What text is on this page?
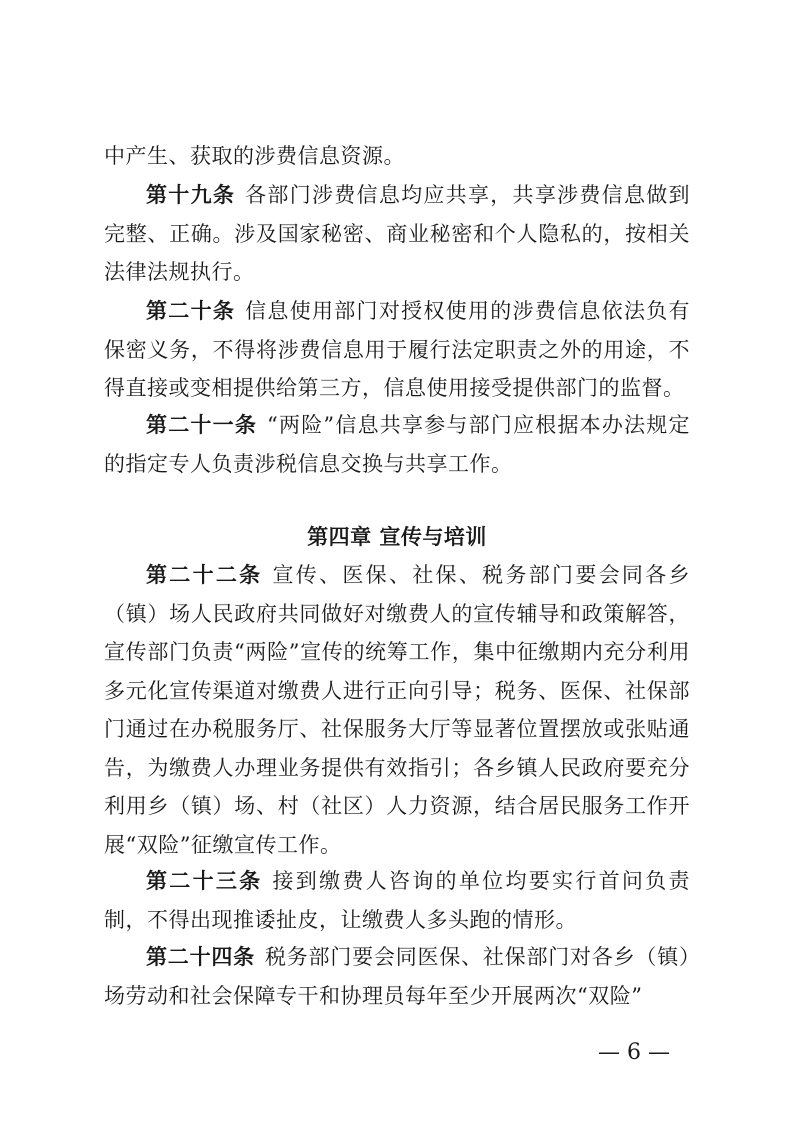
中产生、获取的涉费信息资源。

第十九条 各部门涉费信息均应共享，共享涉费信息做到完整、正确。涉及国家秘密、商业秘密和个人隐私的，按相关法律法规执行。

第二十条 信息使用部门对授权使用的涉费信息依法负有保密义务，不得将涉费信息用于履行法定职责之外的用途，不得直接或变相提供给第三方，信息使用接受提供部门的监督。

第二十一条 “两险”信息共享参与部门应根据本办法规定的指定专人负责涉税信息交换与共享工作。

第四章 宣传与培训

第二十二条 宣传、医保、社保、税务部门要会同各乡（镇）场人民政府共同做好对缴费人的宣传辅导和政策解答，宣传部门负责“两险”宣传的统筹工作，集中征缴期内充分利用多元化宣传渠道对缴费人进行正向引导；税务、医保、社保部门通过在办税服务厅、社保服务大厅等显著位置摆放或张贴通告，为缴费人办理业务提供有效指引；各乡镇人民政府要充分利用乡（镇）场、村（社区）人力资源，结合居民服务工作开展“双险”征缴宣传工作。

第二十三条 接到缴费人咨询的单位均要实行首问负责制，不得出现推诿扯皮，让缴费人多头跑的情形。

第二十四条 税务部门要会同医保、社保部门对各乡（镇）场劳动和社会保障专干和协理员每年至少开展两次“双险”

— 6 —
